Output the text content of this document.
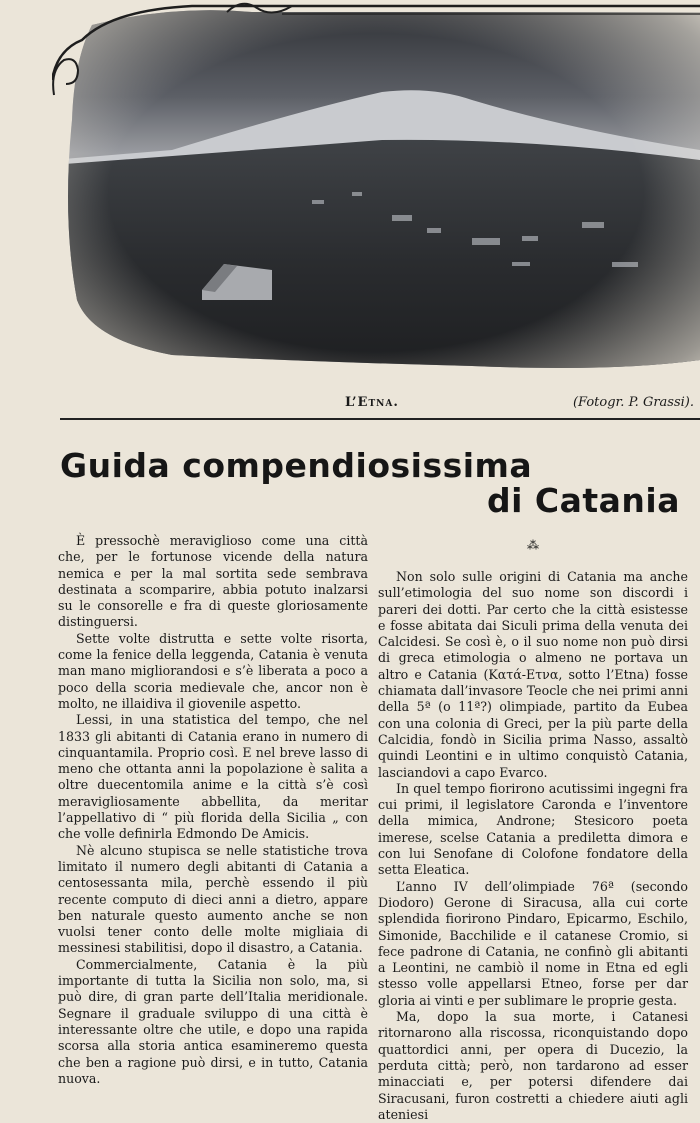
L’Etna.	(Fotogr. P. Grassi).
Guida compendiosissima
di Catania

È pressochè meraviglioso come una città che, per le fortunose vicende della natura nemica e per la mal sortita sede sembrava destinata a scomparire, abbia potuto inalzarsi su le consorelle e fra di queste gloriosamente distinguersi.

Sette volte distrutta e sette volte risorta, come la fenice della leggenda, Catania è venuta man mano migliorandosi e s’è liberata a poco a poco della scoria medievale che, ancor non è molto, ne illaidiva il giovenile aspetto.

Lessi, in una statistica del tempo, che nel 1833 gli abitanti di Catania erano in numero di cinquantamila. Proprio così. E nel breve lasso di meno che ottanta anni la popolazione è salita a oltre duecentomila anime e la città s’è così meravigliosamente abbellita, da meritar l’appellativo di “ più florida della Sicilia „ con che volle definirla Edmondo De Amicis.

Nè alcuno stupisca se nelle statistiche trova limitato il numero degli abitanti di Catania a centosessanta mila, perchè essendo il più recente computo di dieci anni a dietro, appare ben naturale questo aumento anche se non vuolsi tener conto delle molte migliaia di messinesi stabilitisi, dopo il disastro, a Catania.

Commercialmente, Catania è la più importante di tutta la Sicilia non solo, ma, si può dire, di gran parte dell’Italia meridionale. Segnare il graduale sviluppo di una città è interessante oltre che utile, e dopo una rapida scorsa alla storia antica esamineremo questa che ben a ragione può dirsi, e in tutto, Catania nuova.

⁂

Non solo sulle origini di Catania ma anche sull’etimologia del suo nome son discordi i pareri dei dotti. Par certo che la città esistesse e fosse abitata dai Siculi prima della venuta dei Calcidesi. Se così è, o il suo nome non può dirsi di greca etimologia o almeno ne portava un altro e Catania (Κατά-Ετνα, sotto l’Etna) fosse chiamata dall’invasore Teocle che nei primi anni della 5ª (o 11ª?) olimpiade, partito da Eubea con una colonia di Greci, per la più parte della Calcidia, fondò in Sicilia prima Nasso, assaltò quindi Leontini e in ultimo conquistò Catania, lasciandovi a capo Evarco.

In quel tempo fiorirono acutissimi ingegni fra cui primi, il legislatore Caronda e l’inventore della mimica, Androne; Stesicoro poeta imerese, scelse Catania a prediletta dimora e con lui Senofane di Colofone fondatore della setta Eleatica.

L’anno IV dell’olimpiade 76ª (secondo Diodoro) Gerone di Siracusa, alla cui corte splendida fiorirono Pindaro, Epicarmo, Eschilo, Simonide, Bacchilide e il catanese Cromio, si fece padrone di Catania, ne confinò gli abitanti a Leontini, ne cambiò il nome in Etna ed egli stesso volle appellarsi Etneo, forse per dar gloria ai vinti e per sublimare le proprie gesta.

Ma, dopo la sua morte, i Catanesi ritornarono alla riscossa, riconquistando dopo quattordici anni, per opera di Ducezio, la perduta città; però, non tardarono ad esser minacciati e, per potersi difendere dai Siracusani, furon costretti a chiedere aiuti agli ateniesi
